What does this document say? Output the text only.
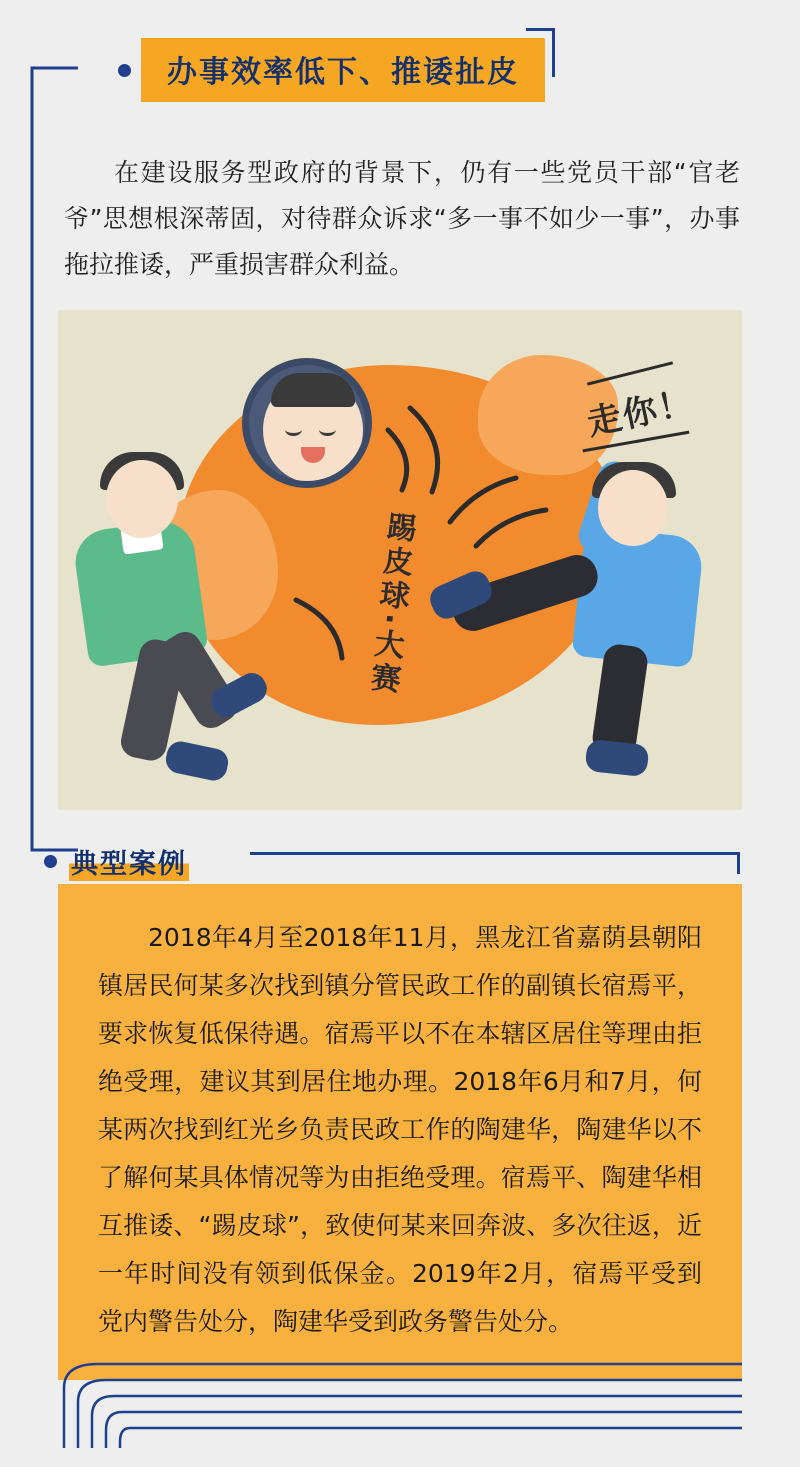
办事效率低下、推诿扯皮
在建设服务型政府的背景下，仍有一些党员干部“官老爷”思想根深蒂固，对待群众诉求“多一事不如少一事”，办事拖拉推诿，严重损害群众利益。
踢皮球·大赛
走你！
典型案例
2018年4月至2018年11月，黑龙江省嘉荫县朝阳镇居民何某多次找到镇分管民政工作的副镇长宿焉平，要求恢复低保待遇。宿焉平以不在本辖区居住等理由拒绝受理，建议其到居住地办理。2018年6月和7月，何某两次找到红光乡负责民政工作的陶建华，陶建华以不了解何某具体情况等为由拒绝受理。宿焉平、陶建华相互推诿、“踢皮球”，致使何某来回奔波、多次往返，近一年时间没有领到低保金。2019年2月，宿焉平受到党内警告处分，陶建华受到政务警告处分。
